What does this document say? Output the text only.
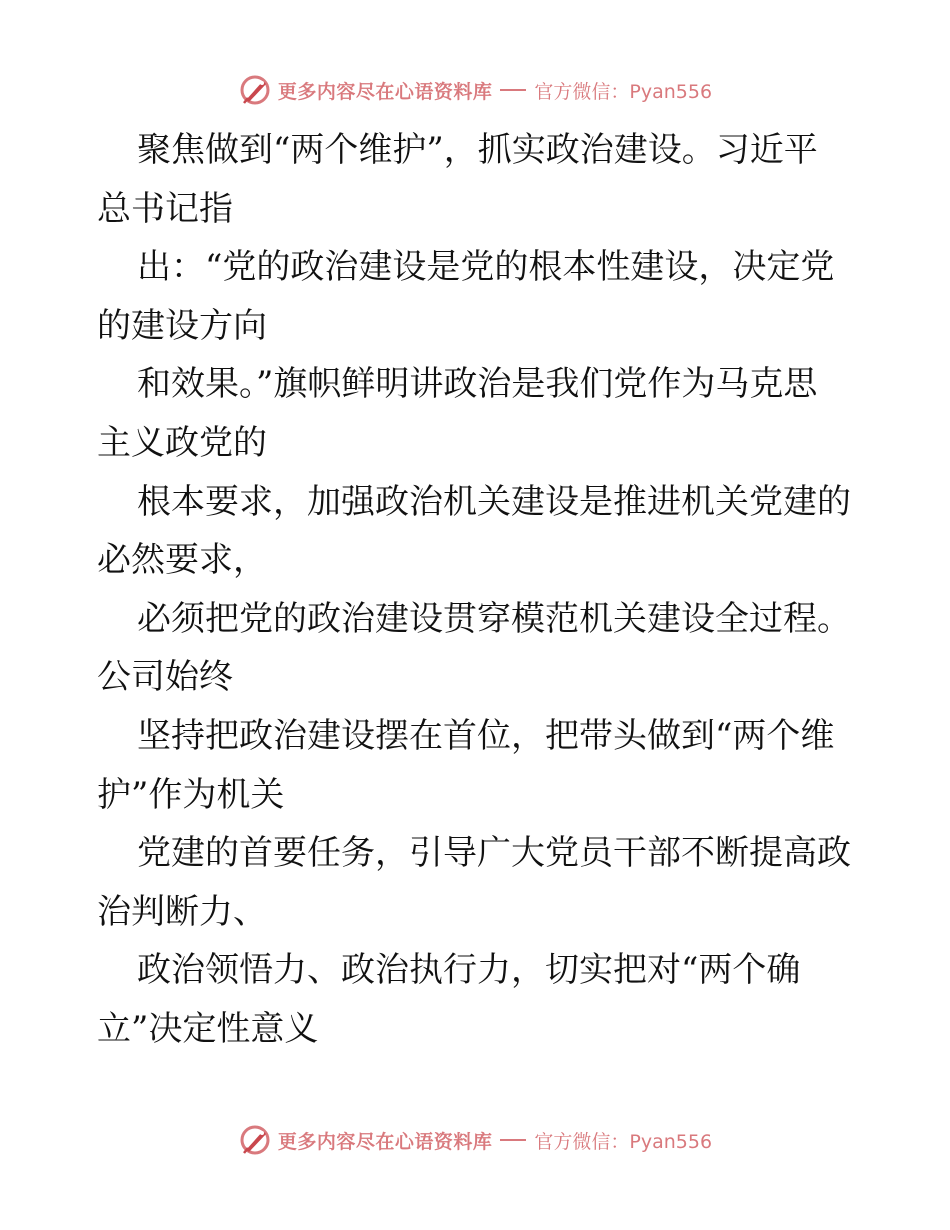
更多内容尽在心语资料库 官方微信：Pyan556
聚焦做到“两个维护”，抓实政治建设。习近平
总书记指
出：“党的政治建设是党的根本性建设，决定党
的建设方向
和效果。”旗帜鲜明讲政治是我们党作为马克思
主义政党的
根本要求，加强政治机关建设是推进机关党建的
必然要求，
必须把党的政治建设贯穿模范机关建设全过程。
公司始终
坚持把政治建设摆在首位，把带头做到“两个维
护”作为机关
党建的首要任务，引导广大党员干部不断提高政
治判断力、
政治领悟力、政治执行力，切实把对“两个确
立”决定性意义
更多内容尽在心语资料库 官方微信：Pyan556
